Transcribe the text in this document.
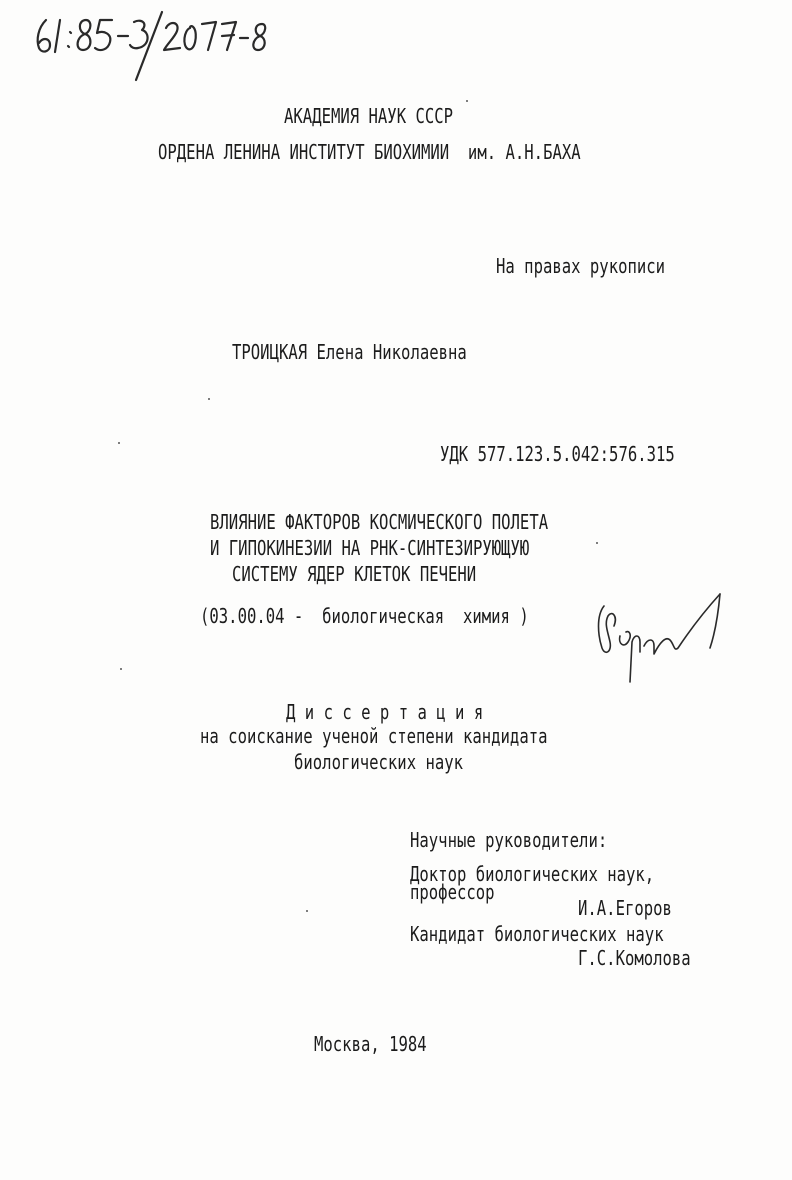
АКАДЕМИЯ НАУК СССР
ОРДЕНА ЛЕНИНА ИНСТИТУТ БИОХИМИИ  им. А.Н.БАХА
На правах рукописи
ТРОИЦКАЯ Елена Николаевна
УДК 577.123.5.042:576.315
ВЛИЯНИЕ ФАКТОРОВ КОСМИЧЕСКОГО ПОЛЕТА
И ГИПОКИНЕЗИИ НА РНК-СИНТЕЗИРУЮЩУЮ
СИСТЕМУ ЯДЕР КЛЕТОК ПЕЧЕНИ
(03.00.04 -  биологическая  химия )
Д и с с е р т а ц и я
на соискание ученой степени кандидата
биологических наук
Научные руководители:
Доктор биологических наук,
профессор
И.А.Егоров
Кандидат биологических наук
Г.С.Комолова
Москва, 1984
